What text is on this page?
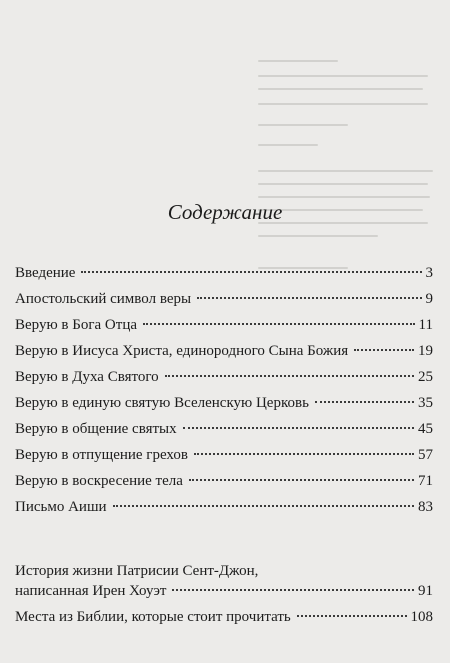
Содержание
Введение	3
Апостольский символ веры	9
Верую в Бога Отца	11
Верую в Иисуса Христа, единородного Сына Божия	19
Верую в Духа Святого	25
Верую в единую святую Вселенскую Церковь	35
Верую в общение святых	45
Верую в отпущение грехов	57
Верую в воскресение тела	71
Письмо Аиши	83
История жизни Патрисии Сент-Джон,
написанная Ирен Хоуэт	91
Места из Библии, которые стоит прочитать	108
